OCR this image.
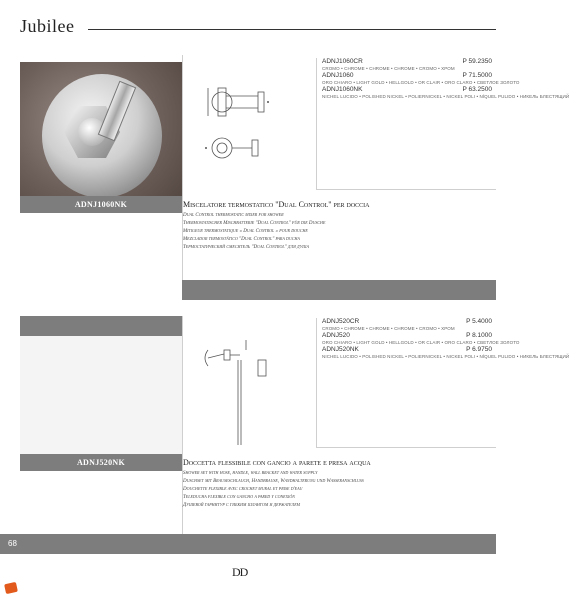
Jubilee
ADNJ1060NK
ADNJ1060CR	P 59.2350
CROMO • CHROME • CHROME • CHROME • CROMO • ХРОМ
ADNJ1060	P 71.5000
ORO CHIARO • LIGHT GOLD • HELLGOLD • OR CLAIR • ORO CLARO • СВЕТЛОЕ ЗОЛОТО
ADNJ1060NK	P 63.2500
NICHEL LUCIDO • POLISHED NICKEL • POLIERNICKEL • NICKEL POLI • NÍQUEL PULIDO • НИКЕЛЬ БЛЕСТЯЩИЙ
Miscelatore termostatico "Dual Control" per doccia
Dual Control thermostatic mixer for shower
Thermostatischer Mischbatterie "Dual Control" für die Dusche
Mitigeur thermostatique « Dual Control » pour douche
Mezclador termostático "Dual Control" para ducha
Термостатический смеситель "Dual Control" для душа
ADNJ520NK
ADNJ520CR	P 5.4000
CROMO • CHROME • CHROME • CHROME • CROMO • ХРОМ
ADNJ520	P 8.1000
ORO CHIARO • LIGHT GOLD • HELLGOLD • OR CLAIR • ORO CLARO • СВЕТЛОЕ ЗОЛОТО
ADNJ520NK	P 6.9750
NICHEL LUCIDO • POLISHED NICKEL • POLIERNICKEL • NICKEL POLI • NÍQUEL PULIDO • НИКЕЛЬ БЛЕСТЯЩИЙ
Doccetta flessibile con gancio a parete e presa acqua
Shower set with hose, handle, wall bracket and water supply
Duschset mit Brauseschlauch, Handbrause, Wandhalterung und Wasseranschluss
Douchette flexible avec crochet mural et prise d'eau
Teleducha flexible con gancho a pared y conexión
Душевой гарнитур с гибким шлангом и держателем
68
DD
